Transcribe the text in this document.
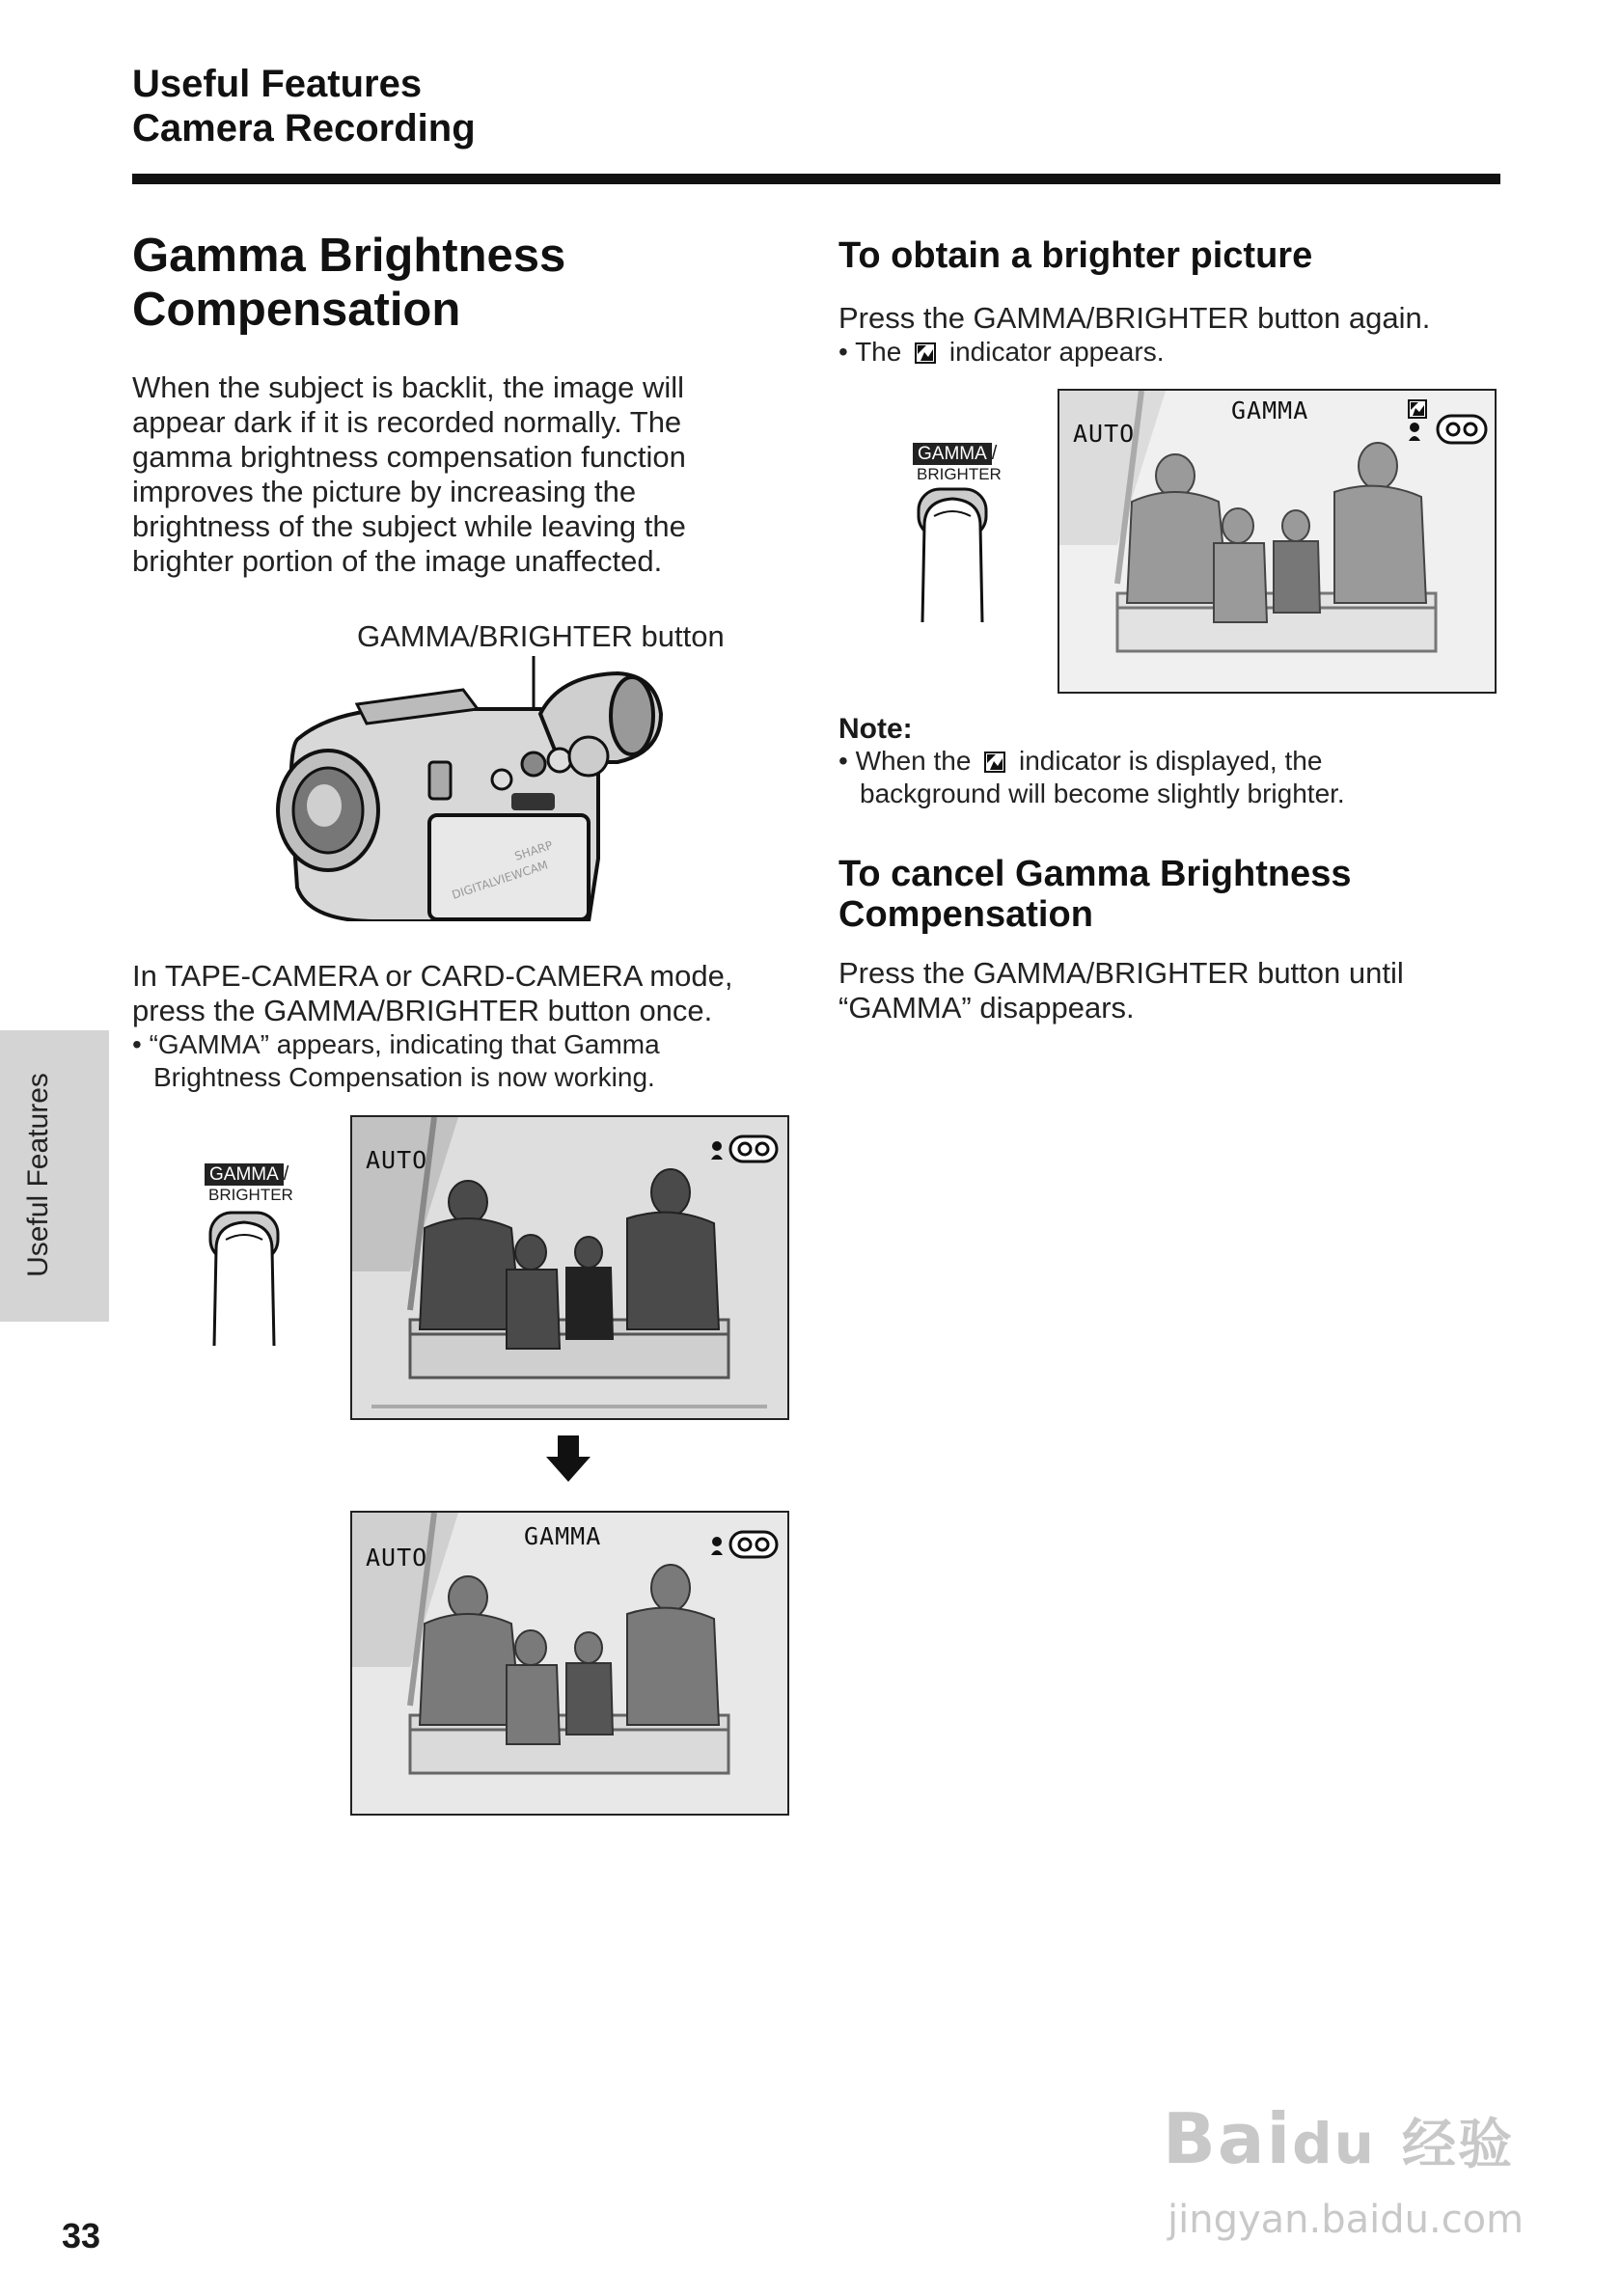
Useful Features
Camera Recording
Gamma Brightness
Compensation
When the subject is backlit, the image will
appear dark if it is recorded normally. The
gamma brightness compensation function
improves the picture by increasing the
brightness of the subject while leaving the
brighter portion of the image unaffected.
GAMMA/BRIGHTER button
SHARP
DIGITALVIEWCAM
In TAPE-CAMERA or CARD-CAMERA mode,
press the GAMMA/BRIGHTER button once.
• “GAMMA” appears, indicating that Gamma
Brightness Compensation is now working.
GAMMA /
BRIGHTER
AUTO
GAMMA
AUTO
To obtain a brighter picture
Press the GAMMA/BRIGHTER button again.
• The indicator appears.
GAMMA /
BRIGHTER
GAMMA
AUTO
Note:
• When the indicator is displayed, the
background will become slightly brighter.
To cancel Gamma Brightness
Compensation
Press the GAMMA/BRIGHTER button until
“GAMMA” disappears.
Useful Features
33
Baidu 经验
jingyan.baidu.com
